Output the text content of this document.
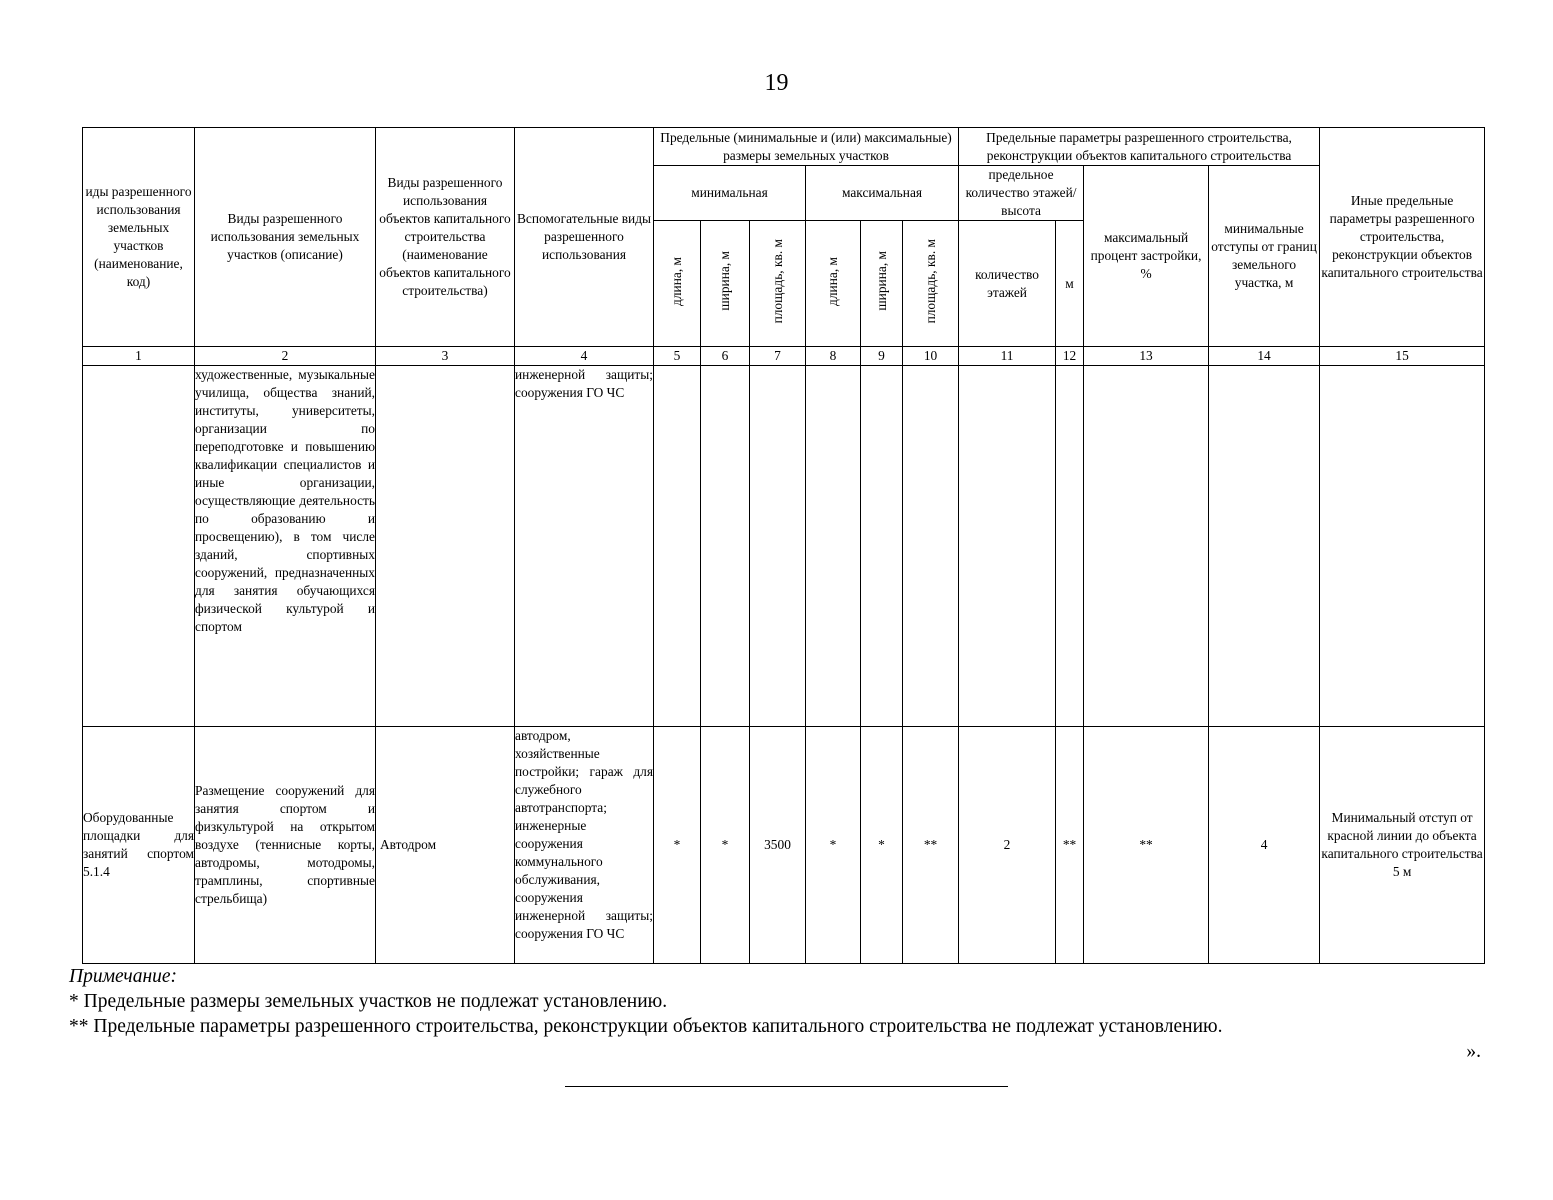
19
иды разрешенного использования земельных участков (наименование, код)	Виды разрешенного использования земельных участков (описание)	Виды разрешенного использования объектов капитального строительства (наименование объектов капитального строительства)	Вспомогательные виды разрешенного использования	Предельные (минимальные и (или) максимальные) размеры земельных участков						Предельные параметры разрешенного строительства, реконструкции объектов капитального строительства				Иные предельные параметры разрешенного строительства, реконструкции объектов капитального строительства
				минимальная			максимальная			предельное количество этажей/высота		максимальный процент застройки, %	минимальные отступы от границ земельного участка, м	
				длина, м	ширина, м	площадь, кв. м	длина, м	ширина, м	площадь, кв. м	количество этажей	м			
1	2	3	4	5	6	7	8	9	10	11	12	13	14	15
	художественные, музыкальные училища, общества знаний, институты, университеты, организации по переподготовке и повышению квалификации специалистов и иные организации, осуществляющие деятельность по образованию и просвещению), в том числе зданий, спортивных сооружений, предназначенных для занятия обучающихся физической культурой и спортом		инженерной защиты; сооружения ГО ЧС											
Оборудованные площадки для занятий спортом 5.1.4	Размещение сооружений для занятия спортом и физкультурой на открытом воздухе (теннисные корты, автодромы, мотодромы, трамплины, спортивные стрельбища)	Автодром	автодром, хозяйственные постройки; гараж для служебного автотранспорта; инженерные сооружения коммунального обслуживания, сооружения инженерной защиты; сооружения ГО ЧС	*	*	3500	*	*	**	2	**	**	4	Минимальный отступ от красной линии до объекта капитального строительства 5 м
Примечание:
* Предельные размеры земельных участков не подлежат установлению.
** Предельные параметры разрешенного строительства, реконструкции объектов капитального строительства не подлежат установлению.
».
